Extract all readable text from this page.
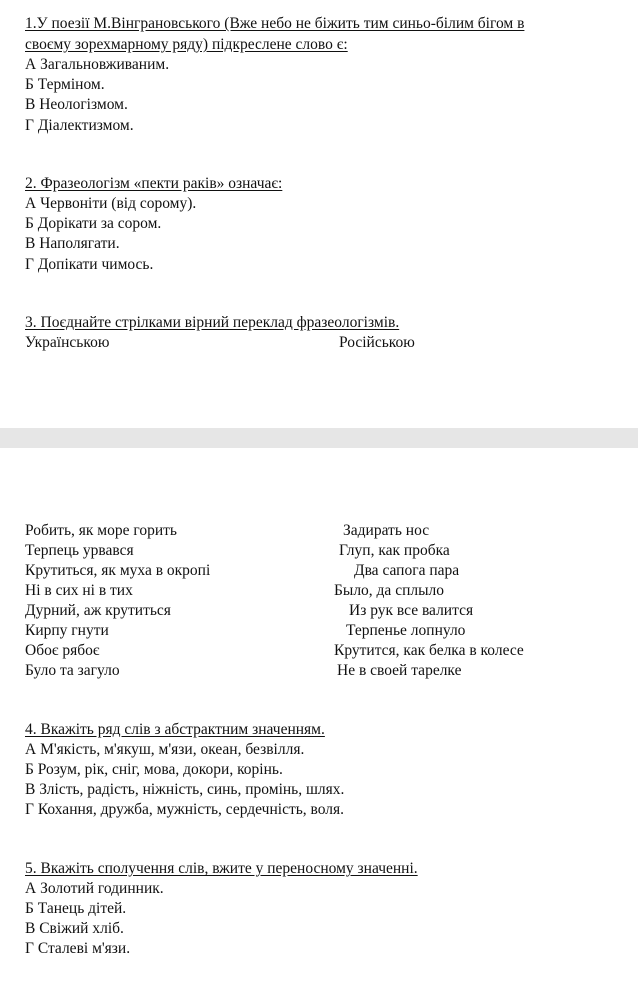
1.У поезії М.Вінграновського (Вже небо не біжить тим синьо-білим бігом в
своєму зорехмарному ряду) підкреслене слово є:
А Загальновживаним.
Б Терміном.
В Неологізмом.
Г Діалектизмом.
2. Фразеологізм «пекти раків» означає:
А Червоніти (від сорому).
Б Дорікати за сором.
В Наполягати.
Г Допікати чимось.
3. Поєднайте стрілками вірний переклад фразеологізмів.
Українською	Російською
Робить, як море горить
Терпець урвався
Крутиться, як муха в окропі
Ні в сих ні в тих
Дурний, аж крутиться
Кирпу гнути
Обоє рябоє
Було та загуло
Задирать нос
Глуп, как пробка
Два сапога пара
Было, да сплыло
Из рук все валится
Терпенье лопнуло
Крутится, как белка в колесе
Не в своей тарелке
4. Вкажіть ряд слів з абстрактним значенням.
А М'якість, м'якуш, м'язи, океан, безвілля.
Б Розум, рік, сніг, мова, докори, корінь.
В Злість, радість, ніжність, синь, промінь, шлях.
Г Кохання, дружба, мужність, сердечність, воля.
5. Вкажіть сполучення слів, вжите у переносному значенні.
А Золотий годинник.
Б Танець дітей.
В Свіжий хліб.
Г Сталеві м'язи.
